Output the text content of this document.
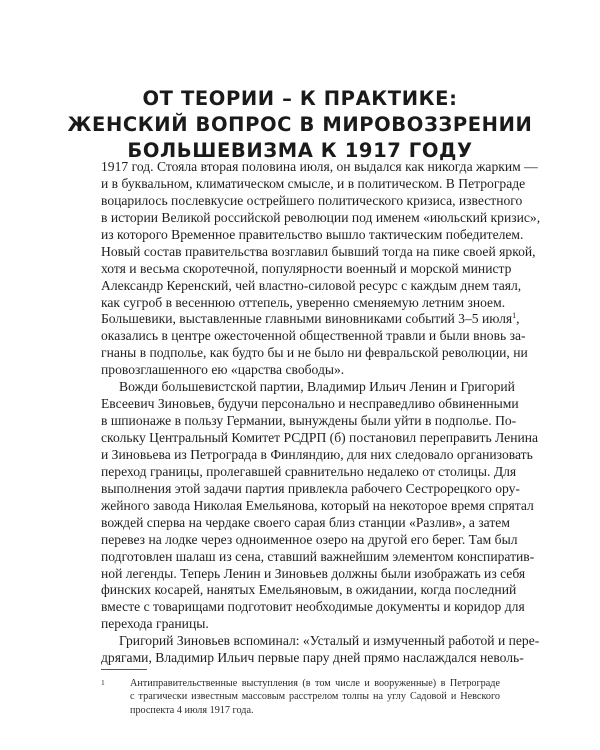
ОТ ТЕОРИИ – К ПРАКТИКЕ:
ЖЕНСКИЙ ВОПРОС В МИРОВОЗЗРЕНИИ
БОЛЬШЕВИЗМА К 1917 ГОДУ
1917 год. Стояла вторая половина июля, он выдался как никогда жарким —
и в буквальном, климатическом смысле, и в политическом. В Петрограде
воцарилось послевкусие острейшего политического кризиса, известного
в истории Великой российской революции под именем «июльский кризис»,
из которого Временное правительство вышло тактическим победителем.
Новый состав правительства возглавил бывший тогда на пике своей яркой,
хотя и весьма скоротечной, популярности военный и морской министр
Александр Керенский, чей властно-силовой ресурс с каждым днем таял,
как сугроб в весеннюю оттепель, уверенно сменяемую летним зноем.
Большевики, выставленные главными виновниками событий 3–5 июля$^1$,
оказались в центре ожесточенной общественной травли и были вновь за-
гнаны в подполье, как будто бы и не было ни февральской революции, ни
провозглашенного ею «царства свободы».
Вожди большевистской партии, Владимир Ильич Ленин и Григорий
Евсеевич Зиновьев, будучи персонально и несправедливо обвиненными
в шпионаже в пользу Германии, вынуждены были уйти в подполье. По-
скольку Центральный Комитет РСДРП (б) постановил переправить Ленина
и Зиновьева из Петрограда в Финляндию, для них следовало организовать
переход границы, пролегавшей сравнительно недалеко от столицы. Для
выполнения этой задачи партия привлекла рабочего Сестрорецкого ору-
жейного завода Николая Емельянова, который на некоторое время спрятал
вождей сперва на чердаке своего сарая близ станции «Разлив», а затем
перевез на лодке через одноименное озеро на другой его берег. Там был
подготовлен шалаш из сена, ставший важнейшим элементом конспиратив-
ной легенды. Теперь Ленин и Зиновьев должны были изображать из себя
финских косарей, нанятых Емельяновым, в ожидании, когда последний
вместе с товарищами подготовит необходимые документы и коридор для
перехода границы.
Григорий Зиновьев вспоминал: «Усталый и измученный работой и пере-
дрягами, Владимир Ильич первые пару дней прямо наслаждался неволь-
1 Антиправительственные выступления (в том числе и вооруженные) в Петрограде
с трагически известным массовым расстрелом толпы на углу Садовой и Невского
проспекта 4 июля 1917 года.
